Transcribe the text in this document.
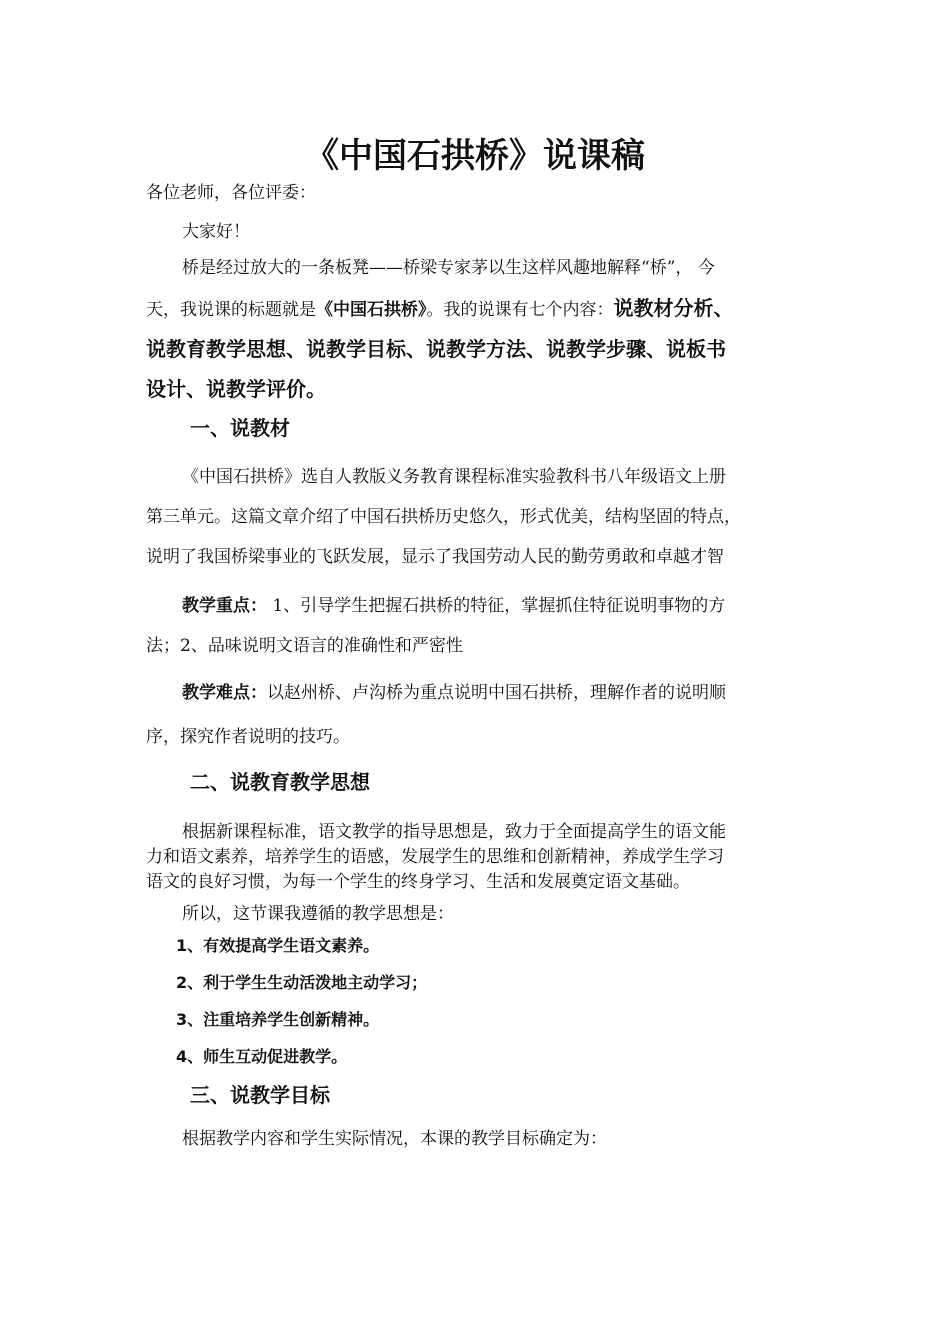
《中国石拱桥》说课稿
各位老师，各位评委：
大家好！
桥是经过放大的一条板凳——桥梁专家茅以生这样风趣地解释“桥”， 今
天，我说课的标题就是《中国石拱桥》。我的说课有七个内容：说教材分析、
说教育教学思想、说教学目标、说教学方法、说教学步骤、说板书
设计、说教学评价。
一、说教材
《中国石拱桥》选自人教版义务教育课程标准实验教科书八年级语文上册
第三单元。这篇文章介绍了中国石拱桥历史悠久，形式优美，结构坚固的特点，
说明了我国桥梁事业的飞跃发展，显示了我国劳动人民的勤劳勇敢和卓越才智
教学重点： 1、引导学生把握石拱桥的特征，掌握抓住特征说明事物的方
法；2、品味说明文语言的准确性和严密性
教学难点：以赵州桥、卢沟桥为重点说明中国石拱桥，理解作者的说明顺
序，探究作者说明的技巧。
二、说教育教学思想
根据新课程标准，语文教学的指导思想是，致力于全面提高学生的语文能
力和语文素养，培养学生的语感，发展学生的思维和创新精神，养成学生学习
语文的良好习惯，为每一个学生的终身学习、生活和发展奠定语文基础。
所以，这节课我遵循的教学思想是：
1、有效提高学生语文素养。
2、利于学生生动活泼地主动学习；
3、注重培养学生创新精神。
4、师生互动促进教学。
三、说教学目标
根据教学内容和学生实际情况，本课的教学目标确定为：
